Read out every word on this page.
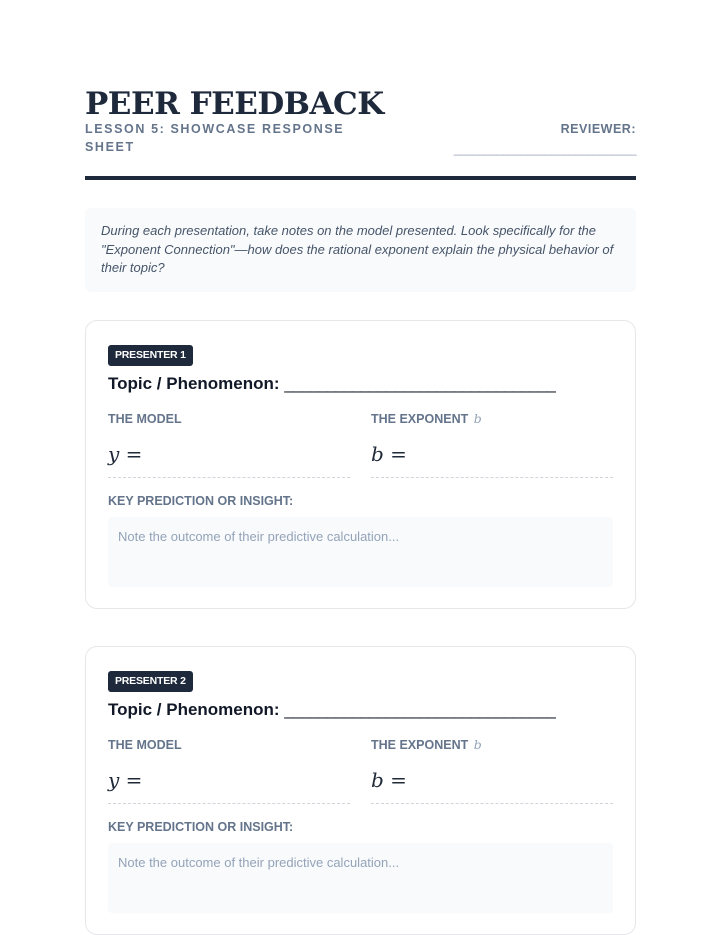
PEER FEEDBACK
LESSON 5: SHOWCASE RESPONSE SHEET
REVIEWER:
______________________________
During each presentation, take notes on the model presented. Look specifically for the "Exponent Connection"—how does the rational exponent explain the physical behavior of their topic?
PRESENTER 1
Topic / Phenomenon: ________________________________
THE MODEL	THE EXPONENT b
y =	b =
KEY PREDICTION OR INSIGHT:
Note the outcome of their predictive calculation...
PRESENTER 2
Topic / Phenomenon: ________________________________
THE MODEL	THE EXPONENT b
y =	b =
KEY PREDICTION OR INSIGHT:
Note the outcome of their predictive calculation...
